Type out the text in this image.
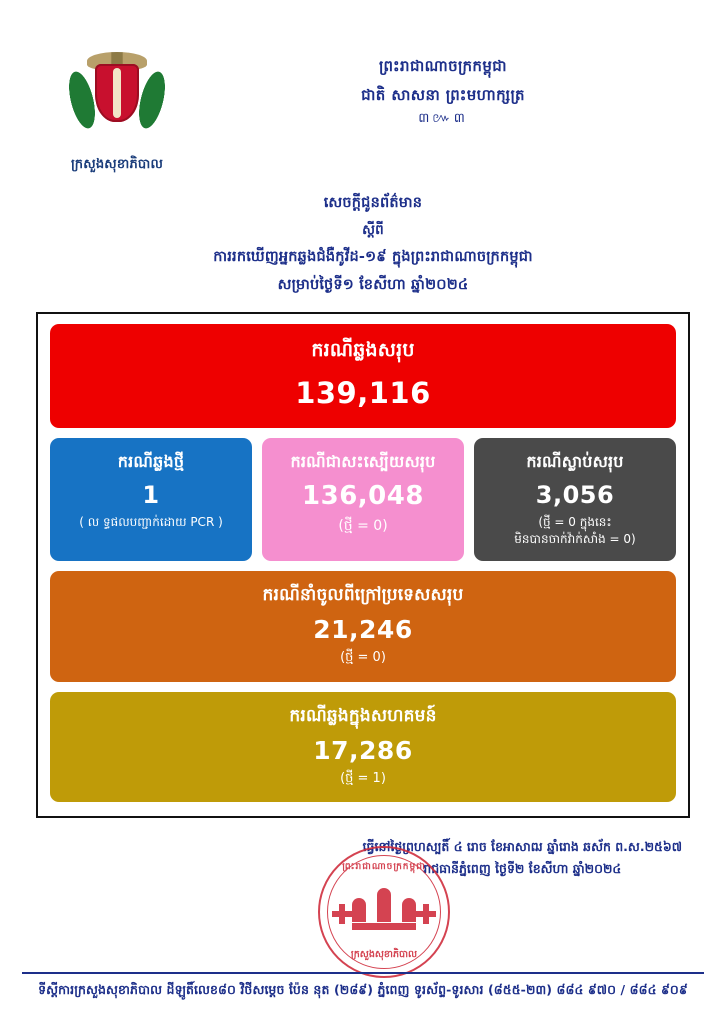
ក្រសួងសុខាភិបាល
ព្រះរាជាណាចក្រកម្ពុជា
ជាតិ សាសនា ព្រះមហាក្សត្រ
៣៚៣
សេចក្ដីជូនព័ត៌មាន
ស្ដីពី
ការរកឃើញអ្នកឆ្លងជំងឺកូវីដ-១៩ ក្នុងព្រះរាជាណាចក្រកម្ពុជា
សម្រាប់ថ្ងៃទី១ ខែសីហា ឆ្នាំ២០២៤
ករណីឆ្លងសរុប
139,116
ករណីឆ្លងថ្មី
1
( ល ទ្ធផលបញ្ជាក់ដោយ PCR )
ករណីជាសះស្បើយសរុប
136,048
(ថ្មី = 0)
ករណីស្លាប់សរុប
3,056
(ថ្មី = 0 ក្នុងនេះ
មិនបានចាក់វ៉ាក់សាំង = 0)
ករណីនាំចូលពីក្រៅប្រទេសសរុប
21,246
(ថ្មី = 0)
ករណីឆ្លងក្នុងសហគមន៍
17,286
(ថ្មី = 1)
ធ្វើនៅថ្ងៃព្រហស្បតិ៍ ៤ រោច ខែអាសាឍ ឆ្នាំរោង ឆស័ក ព.ស.២៥៦៧
រាជធានីភ្នំពេញ ថ្ងៃទី២ ខែសីហា ឆ្នាំ២០២៤
ព្រះរាជាណាចក្រកម្ពុជា
ក្រសួងសុខាភិបាល
ទីស្ដីការក្រសួងសុខាភិបាល ដីឡូតិ៍លេខ៨០ វិថីសម្ដេច ប៉ែន នុត (២៨៩) ភ្នំពេញ ទូរស័ព្ទ-ទូរសារ (៨៥៥-២៣) ៨៨៤ ៩៧០ / ៨៨៤ ៩០៩
